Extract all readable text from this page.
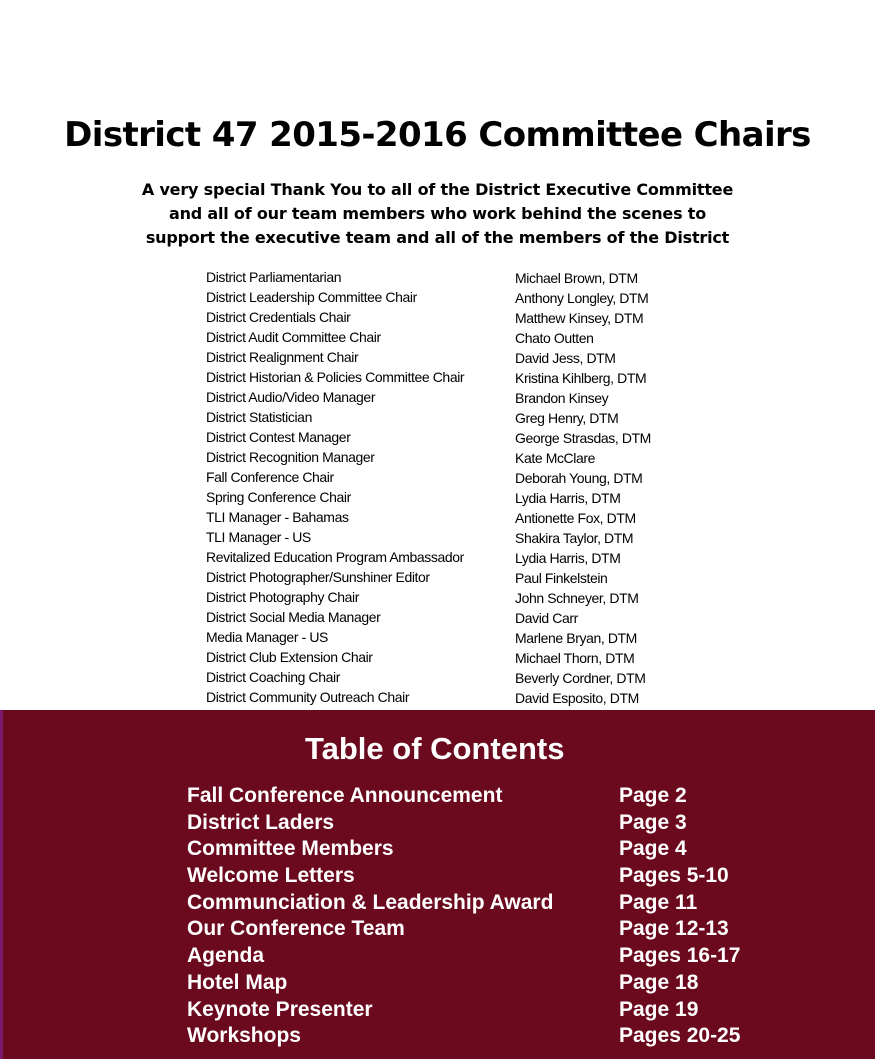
District 47 2015-2016 Committee Chairs
A very special Thank You to all of the District Executive Committee
and all of our team members who work behind the scenes to
support the executive team and all of the members of the District
District Parliamentarian	Michael Brown, DTM
District Leadership Committee Chair	Anthony Longley, DTM
District Credentials Chair	Matthew Kinsey, DTM
District Audit Committee Chair	Chato Outten
District Realignment Chair	David Jess, DTM
District Historian & Policies Committee Chair	Kristina Kihlberg, DTM
District Audio/Video Manager	Brandon Kinsey
District Statistician	Greg Henry, DTM
District Contest Manager	George Strasdas, DTM
District Recognition Manager	Kate McClare
Fall Conference Chair	Deborah Young, DTM
Spring Conference Chair	Lydia Harris, DTM
TLI Manager - Bahamas	Antionette Fox, DTM
TLI Manager - US	Shakira Taylor, DTM
Revitalized Education Program Ambassador	Lydia Harris, DTM
District Photographer/Sunshiner Editor	Paul Finkelstein
District Photography Chair	John Schneyer, DTM
District Social Media Manager	David Carr
Media Manager - US	Marlene Bryan, DTM
District Club Extension Chair	Michael Thorn, DTM
District Coaching Chair	Beverly Cordner, DTM
District Community Outreach Chair	David Esposito, DTM
Table of Contents
Fall Conference Announcement	Page 2
District Laders	Page 3
Committee Members	Page 4
Welcome Letters	Pages 5-10
Communciation & Leadership Award	Page 11
Our Conference Team	Page 12-13
Agenda	Pages 16-17
Hotel Map	Page 18
Keynote Presenter	Page 19
Workshops	Pages 20-25
